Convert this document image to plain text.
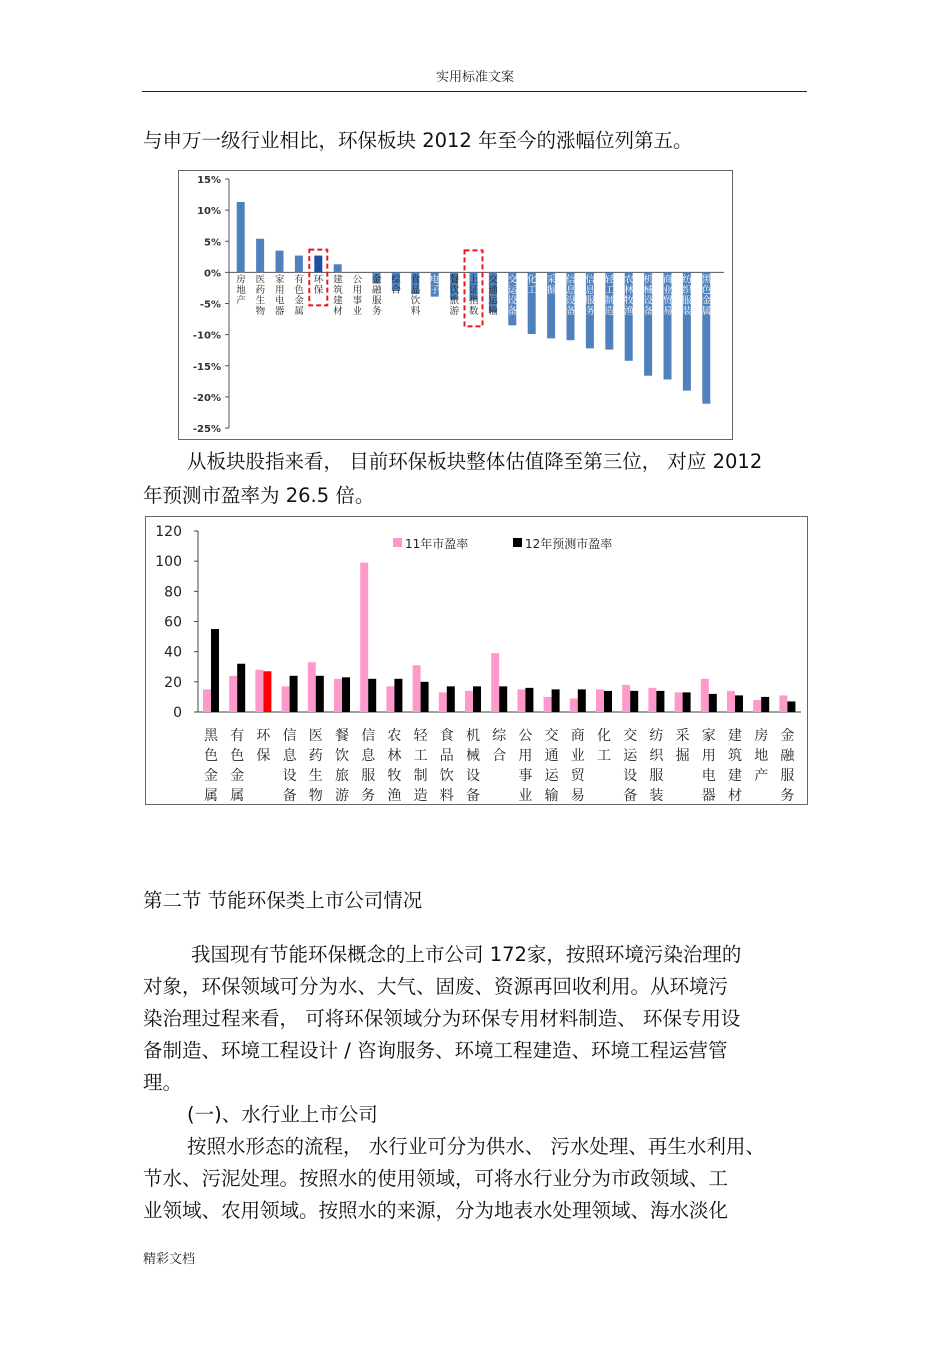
实用标准文案
与申万一级行业相比，环保板块 2012 年至今的涨幅位列第五。
15%
10%
5%
0%
-5%
-10%
-15%
-20%
-25%
房地产
医药生物
家用电器
有色金属
环保
建筑建材
公用事业
金融服务
综合
食品饮料
电子
餐饮旅游
上证指数
交通运输
交运设备
化工
采掘
信息设备
信息服务
轻工制造
农林牧渔
机械设备
商业贸易
纺织服装
黑色金属
从板块股指来看， 目前环保板块整体估值降至第三位， 对应 2012
年预测市盈率为 26.5 倍。
120
100
80
60
40
20
0
11年市盈率	12年预测市盈率
黑色金属
有色金属
环保
信息设备
医药生物
餐饮旅游
信息服务
农林牧渔
轻工制造
食品饮料
机械设备
综合
公用事业
交通运输
商业贸易
化工
交运设备
纺织服装
采掘
家用电器
建筑建材
房地产
金融服务
第二节 节能环保类上市公司情况
我国现有节能环保概念的上市公司 172家，按照环境污染治理的
对象，环保领域可分为水、大气、固废、资源再回收利用。从环境污
染治理过程来看， 可将环保领域分为环保专用材料制造、 环保专用设
备制造、环境工程设计 / 咨询服务、环境工程建造、环境工程运营管
理。
(一)、水行业上市公司
按照水形态的流程， 水行业可分为供水、 污水处理、再生水利用、
节水、污泥处理。按照水的使用领域，可将水行业分为市政领域、工
业领域、农用领域。按照水的来源，分为地表水处理领域、海水淡化
精彩文档
